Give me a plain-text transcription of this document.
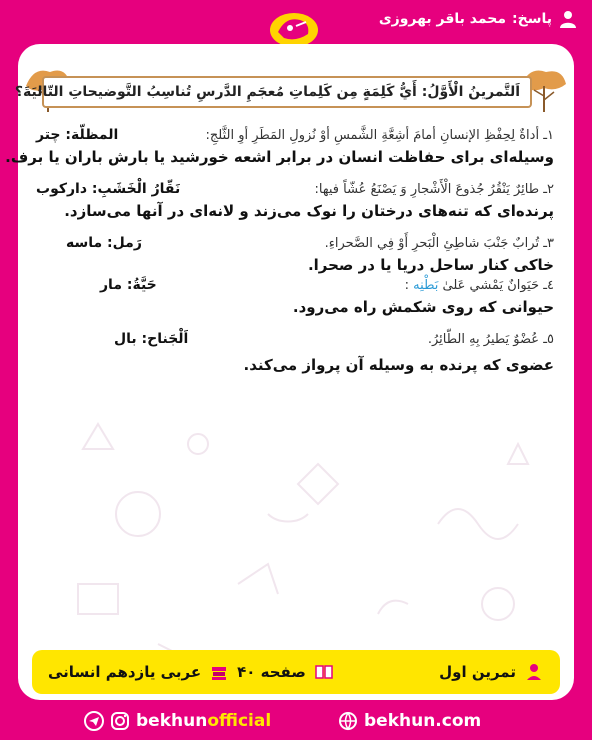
پاسخ:
محمد باقر بهروزی
اَلتَّمرینُ الْأَوَّلُ: أَيُّ كَلِمَةٍ مِن كَلِماتِ مُعجَمِ الدَّرسِ تُناسِبُ التَّوضيحاتِ التّاليَةَ؟
١ـ أداةٌ لِحِفْظِ الإنسانِ أمامَ أشِعَّةِ الشَّمسِ أوْ نُزولِ المَطَرِ أوِ الثَّلجِ:
المظلّة: چتر
وسیله‌ای برای حفاظت انسان در برابر اشعه خورشید یا بارش باران یا برف.
٢ـ طائِرٌ يَنْقُرُ جُذوعَ الْأَشْجارِ وَ يَصْنَعُ عُشّاً فيها:
نَقّارُ الْخَشَبِ: دارکوب
پرنده‌ای که تنه‌های درختان را نوک می‌زند و لانه‌ای در آنها می‌سازد.
٣ـ تُرابٌ جَنْبَ شاطِئِ الْبَحرِ أَوْ فِي الصَّحراءِ.
رَمل: ماسه
خاکی کنار ساحل دریا یا در صحرا.
٤ـ حَيَوانٌ يَمْشي عَلىٰ بَطْنِه :
حَيَّةُ: مار
حیوانی که روی شکمش راه می‌رود.
٥ـ عُضْوٌ يَطيرُ بِهِ الطّائِرُ.
اَلْجَناح: بال
عضوی که پرنده به وسیله آن پرواز می‌کند.
تمرین اول
صفحه ۴۰
عربی یازدهم انسانی
bekhunofficial	bekhun.com
